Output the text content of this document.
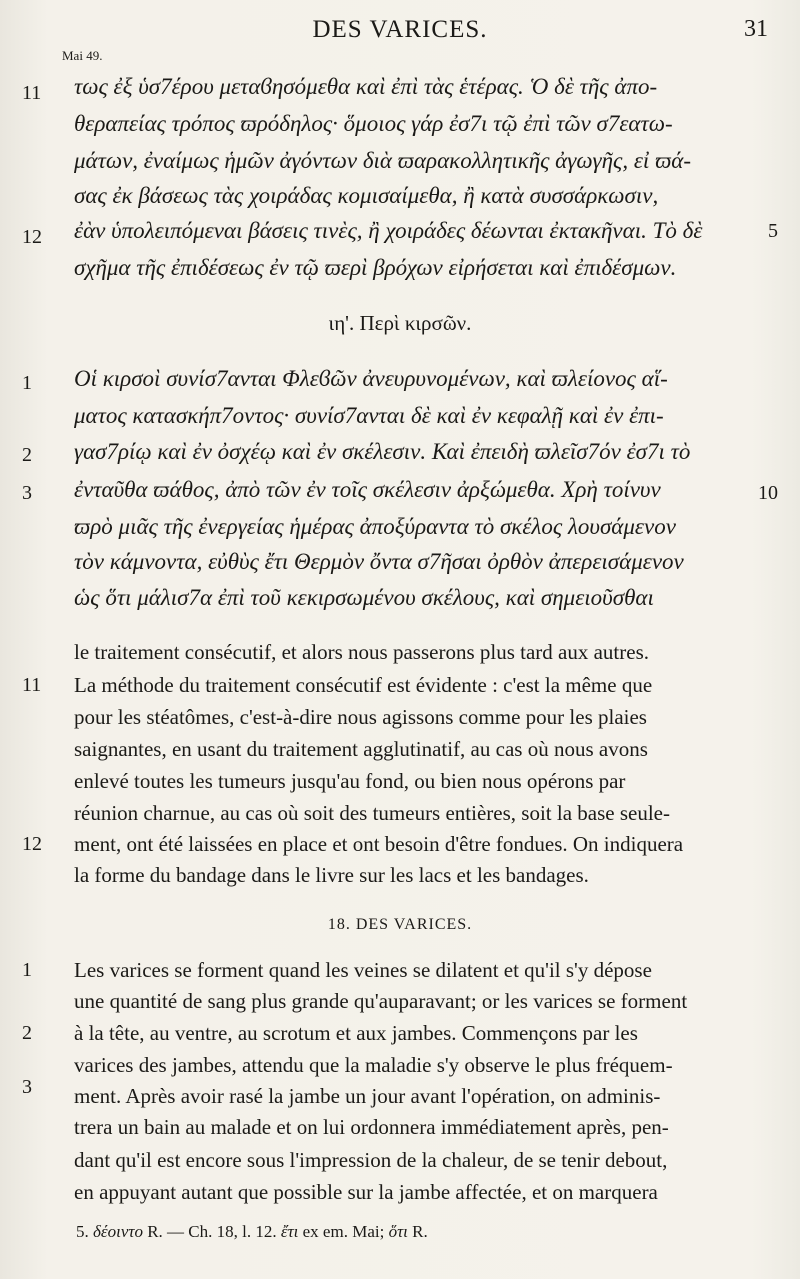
DES VARICES.	31
Mai 49.
τως ἐξ ὑσ7έρου μεταϐησόμεθα καὶ ἐπὶ τὰς ἑτέρας. Ὁ δὲ τῆς ἀπο-
θεραπείας τρόπος ϖρόδηλος· ὅμοιος γάρ ἐσ7ι τῷ ἐπὶ τῶν σ7εατω-
μάτων, ἐναίμως ἡμῶν ἀγόντων διὰ ϖαρακολλητικῆς ἀγωγῆς, εἰ ϖά-
σας ἐκ βάσεως τὰς χοιράδας κομισαίμεθα, ἢ κατὰ συσσάρκωσιν,
ἐὰν ὑπολειπόμεναι βάσεις τινὲς, ἢ χοιράδες δέωνται ἐκτακῆναι. Τὸ δὲ
σχῆμα τῆς ἐπιδέσεως ἐν τῷ ϖερὶ βρόχων εἰρήσεται καὶ ἐπιδέσμων.
ιη'. Περὶ κιρσῶν.
Οἱ κιρσοὶ συνίσ7ανται Φλεϐῶν ἀνευρυνομένων, καὶ ϖλείονος αἵ-
ματος κατασκήπ7οντος· συνίσ7ανται δὲ καὶ ἐν κεφαλῇ καὶ ἐν ἐπι-
γασ7ρίῳ καὶ ἐν ὀσχέῳ καὶ ἐν σκέλεσιν. Καὶ ἐπειδὴ ϖλεῖσ7όν ἐσ7ι τὸ
ἐνταῦθα ϖάθος, ἀπὸ τῶν ἐν τοῖς σκέλεσιν ἀρξώμεθα. Χρὴ τοίνυν
ϖρὸ μιᾶς τῆς ἐνεργείας ἡμέρας ἀποξύραντα τὸ σκέλος λουσάμενον
τὸν κάμνοντα, εὐθὺς ἔτι Θερμὸν ὄντα σ7ῆσαι ὀρθὸν ἀπερεισάμενον
ὡς ὅτι μάλισ7α ἐπὶ τοῦ κεκιρσωμένου σκέλους, καὶ σημειοῦσθαι
11
12
1
2
3
5
10
le traitement consécutif, et alors nous passerons plus tard aux autres.
La méthode du traitement consécutif est évidente : c'est la même que
pour les stéatômes, c'est-à-dire nous agissons comme pour les plaies
saignantes, en usant du traitement agglutinatif, au cas où nous avons
enlevé toutes les tumeurs jusqu'au fond, ou bien nous opérons par
réunion charnue, au cas où soit des tumeurs entières, soit la base seule-
ment, ont été laissées en place et ont besoin d'être fondues. On indiquera
la forme du bandage dans le livre sur les lacs et les bandages.
18. DES VARICES.
Les varices se forment quand les veines se dilatent et qu'il s'y dépose
une quantité de sang plus grande qu'auparavant; or les varices se forment
à la tête, au ventre, au scrotum et aux jambes. Commençons par les
varices des jambes, attendu que la maladie s'y observe le plus fréquem-
ment. Après avoir rasé la jambe un jour avant l'opération, on adminis-
trera un bain au malade et on lui ordonnera immédiatement après, pen-
dant qu'il est encore sous l'impression de la chaleur, de se tenir debout,
en appuyant autant que possible sur la jambe affectée, et on marquera
11
12
1
2
3
5. δέοιντο R. — Ch. 18, l. 12. ἔτι ex em. Mai; ὅτι R.
